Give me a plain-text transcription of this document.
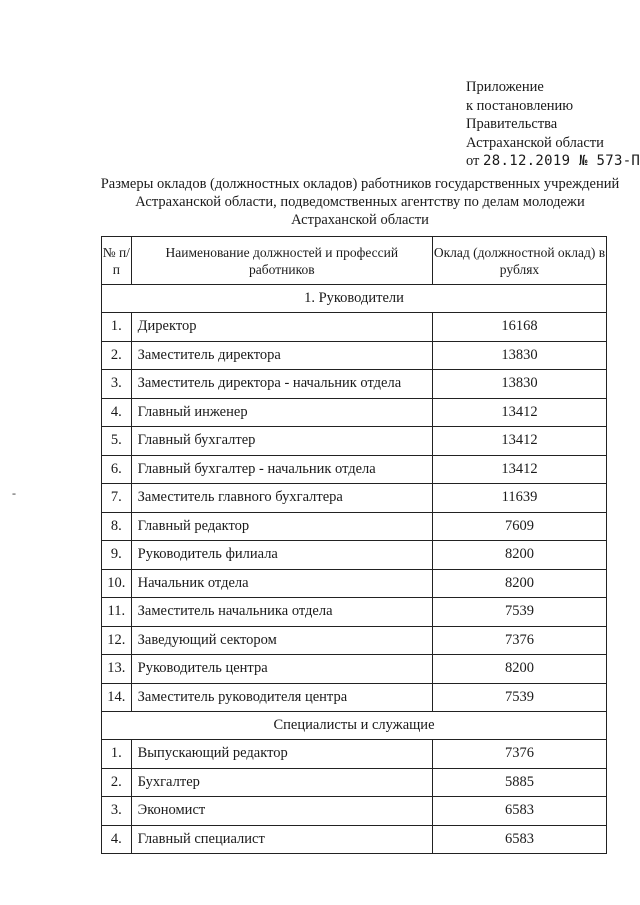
Приложение
к постановлению
Правительства
Астраханской области
от 28.12.2019 № 573-П
Размеры окладов (должностных окладов) работников государственных учреждений Астраханской области, подведомственных агентству по делам молодежи Астраханской области
-
№ п/п	Наименование должностей и профессий работников	Оклад (должностной оклад) в рублях
1. Руководители		
1.	Директор	16168
2.	Заместитель директора	13830
3.	Заместитель директора - начальник отдела	13830
4.	Главный инженер	13412
5.	Главный бухгалтер	13412
6.	Главный бухгалтер - начальник отдела	13412
7.	Заместитель главного бухгалтера	11639
8.	Главный редактор	7609
9.	Руководитель филиала	8200
10.	Начальник отдела	8200
11.	Заместитель начальника отдела	7539
12.	Заведующий сектором	7376
13.	Руководитель центра	8200
14.	Заместитель руководителя центра	7539
Специалисты и служащие		
1.	Выпускающий редактор	7376
2.	Бухгалтер	5885
3.	Экономист	6583
4.	Главный специалист	6583
